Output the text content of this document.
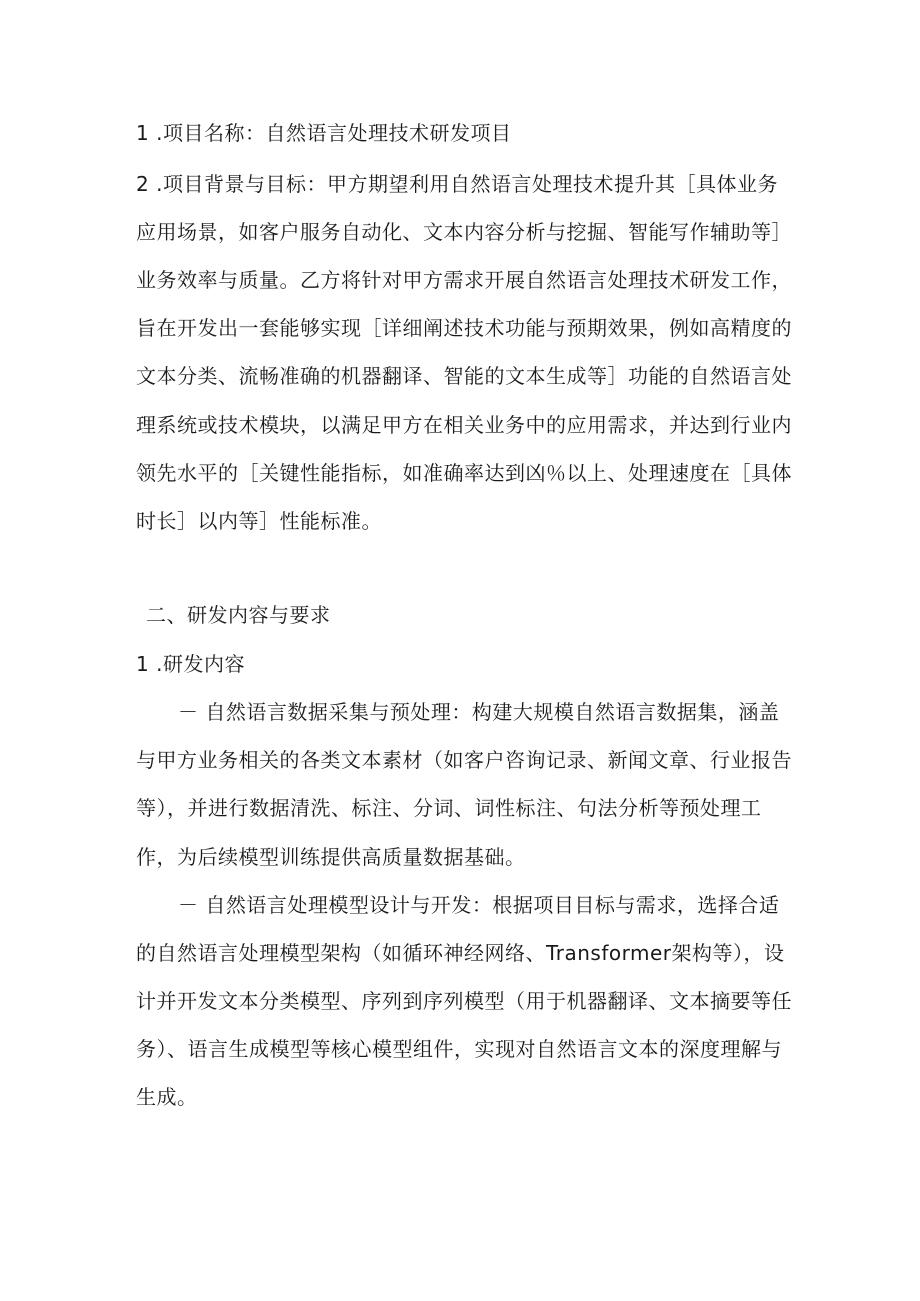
1 .项目名称：自然语言处理技术研发项目
2 .项目背景与目标：甲方期望利用自然语言处理技术提升其［具体业务
应用场景，如客户服务自动化、文本内容分析与挖掘、智能写作辅助等］
业务效率与质量。乙方将针对甲方需求开展自然语言处理技术研发工作，
旨在开发出一套能够实现［详细阐述技术功能与预期效果，例如高精度的
文本分类、流畅准确的机器翻译、智能的文本生成等］功能的自然语言处
理系统或技术模块，以满足甲方在相关业务中的应用需求，并达到行业内
领先水平的［关键性能指标，如准确率达到凶％以上、处理速度在［具体
时长］以内等］性能标准。
二、研发内容与要求
1 .研发内容
－ 自然语言数据采集与预处理：构建大规模自然语言数据集，涵盖
与甲方业务相关的各类文本素材（如客户咨询记录、新闻文章、行业报告
等），并进行数据清洗、标注、分词、词性标注、句法分析等预处理工
作，为后续模型训练提供高质量数据基础。
－ 自然语言处理模型设计与开发：根据项目目标与需求，选择合适
的自然语言处理模型架构（如循环神经网络、Transformer架构等），设
计并开发文本分类模型、序列到序列模型（用于机器翻译、文本摘要等任
务）、语言生成模型等核心模型组件，实现对自然语言文本的深度理解与
生成。
